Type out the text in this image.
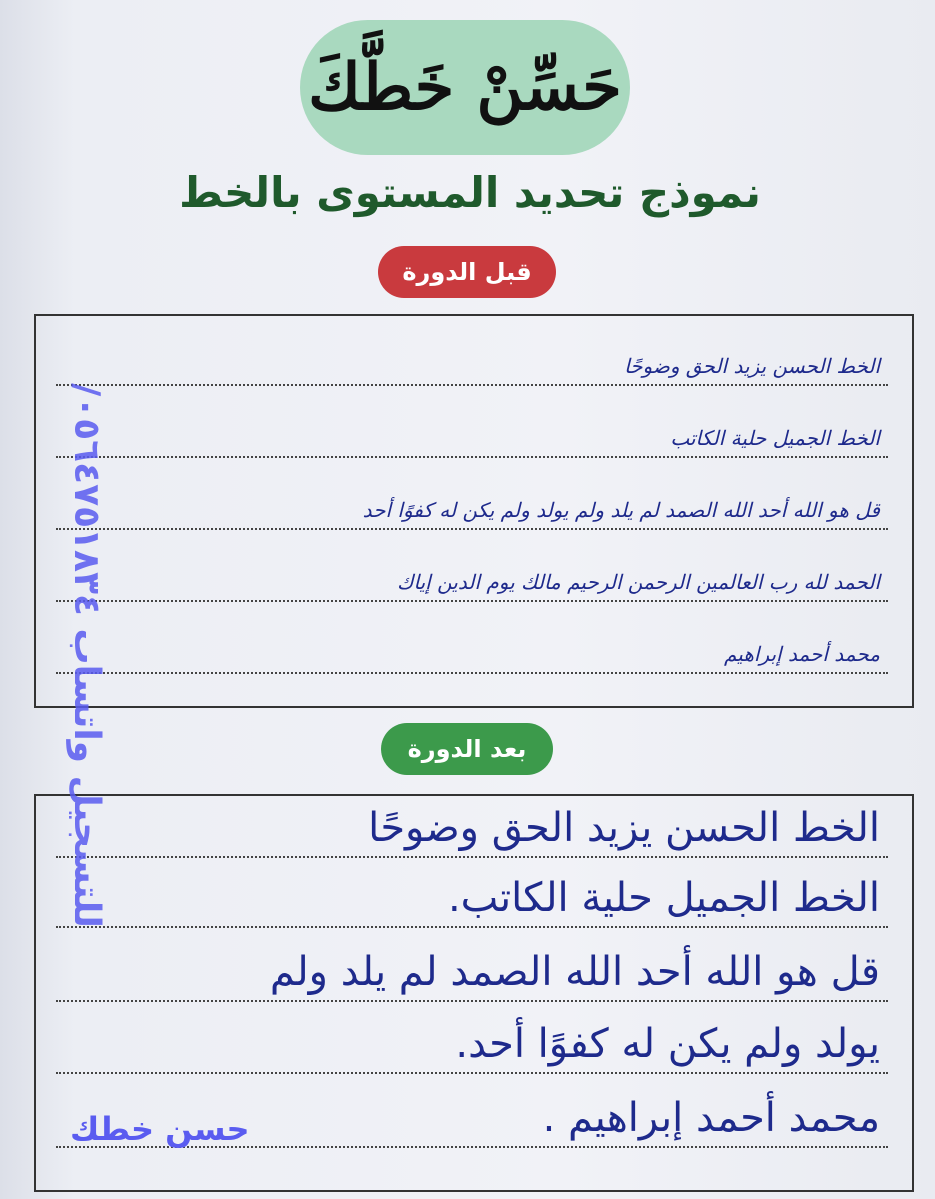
حَسِّنْ خَطَّكَ
نموذج تحديد المستوى بالخط
قبل الدورة
الخط الحسن يزيد الحق وضوحًا
الخط الجميل حلية الكاتب
قل هو الله أحد الله الصمد لم يلد ولم يولد ولم يكن له كفوًا أحد
الحمد لله رب العالمين الرحمن الرحيم مالك يوم الدين إياك
محمد أحمد إبراهيم
بعد الدورة
الخط الحسن يزيد الحق وضوحًا
الخط الجميل حلية الكاتب.
قل هو الله أحد الله الصمد لم يلد ولم
يولد ولم يكن له كفوًا أحد.
محمد أحمد إبراهيم .
للتسجيل واتساب ٠٥٦٤٧٥١٨٣٤/
حسن خطك
